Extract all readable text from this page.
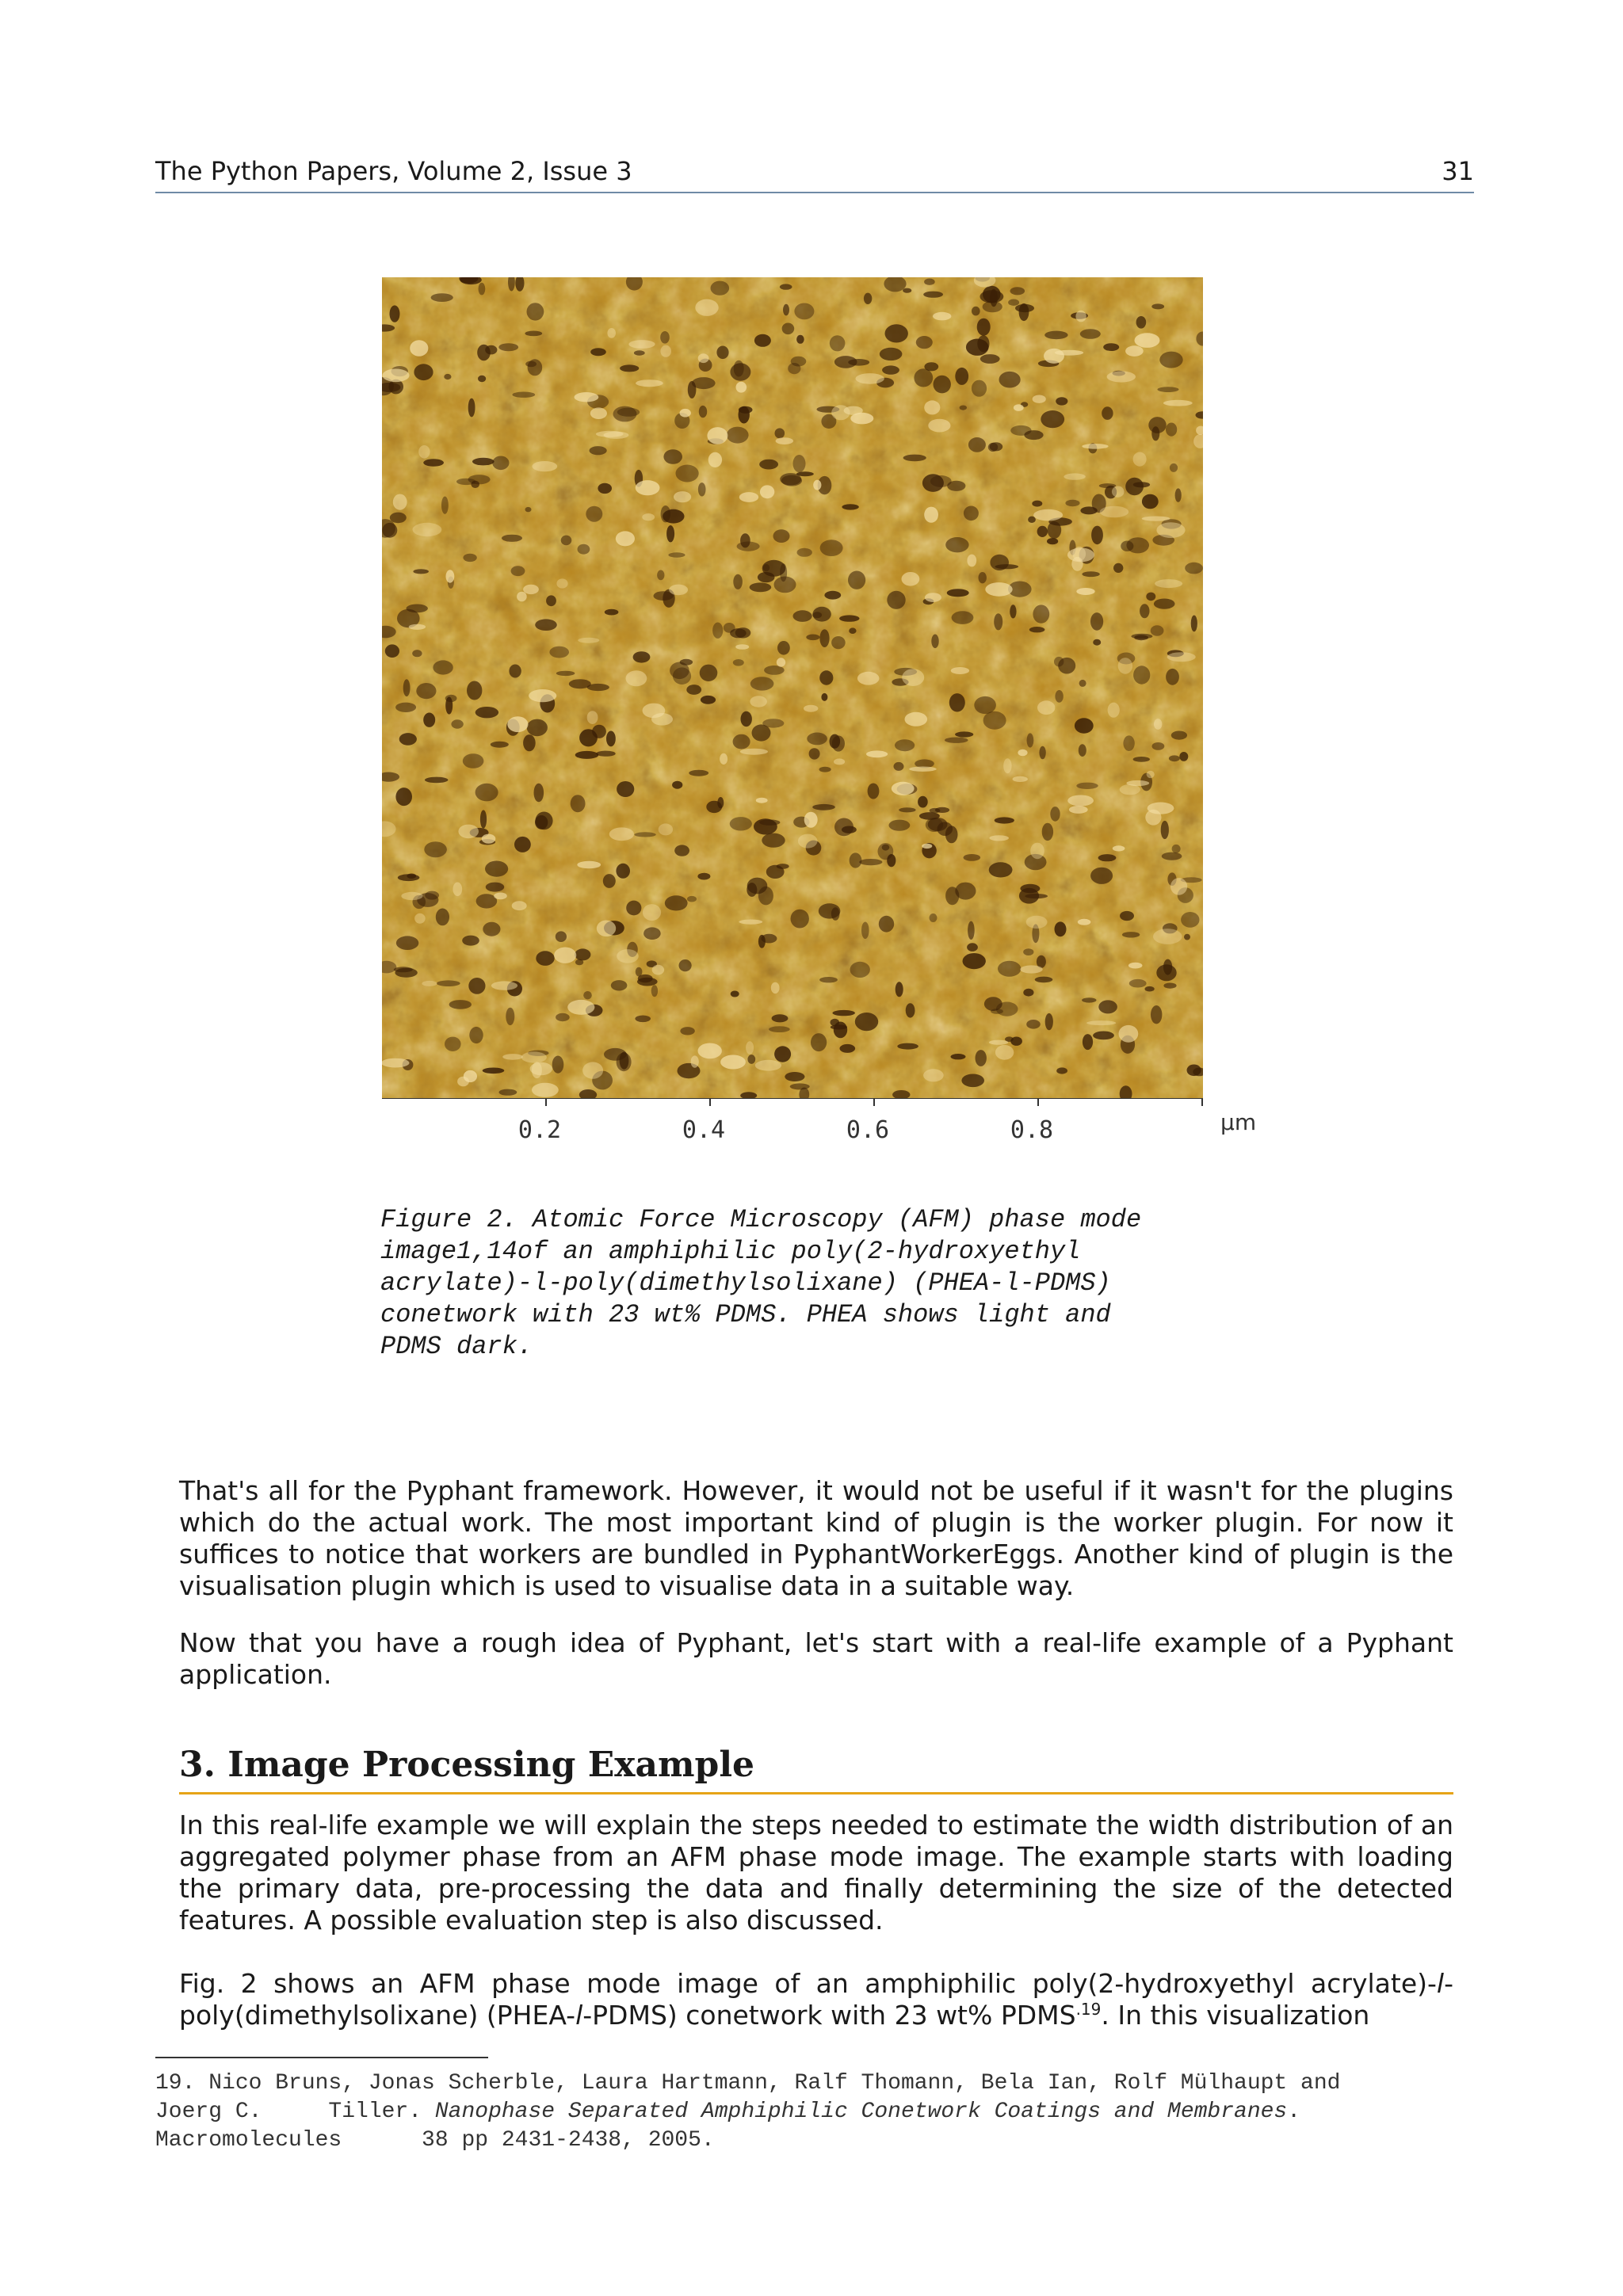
The Python Papers, Volume 2, Issue 3	31
0.2	0.4	0.6	0.8	µm
Figure 2. Atomic Force Microscopy (AFM) phase mode
image1,14of an amphiphilic poly(2-hydroxyethyl
acrylate)-l-poly(dimethylsolixane) (PHEA-l-PDMS)
conetwork with 23 wt% PDMS. PHEA shows light and
PDMS dark.

That's all for the Pyphant framework. However, it would not be useful if it wasn't for the plugins which do the actual work. The most important kind of plugin is the worker plugin. For now it suffices to notice that workers are bundled in PyphantWorkerEggs. Another kind of plugin is the visualisation plugin which is used to visualise data in a suitable way.

Now that you have a rough idea of Pyphant, let's start with a real-life example of a Pyphant application.

3. Image Processing Example

In this real-life example we will explain the steps needed to estimate the width distribution of an aggregated polymer phase from an AFM phase mode image. The example starts with loading the primary data, pre-processing the data and finally determining the size of the detected features. A possible evaluation step is also discussed.

Fig. 2 shows an AFM phase mode image of an amphiphilic poly(2-hydroxyethyl acrylate)-l-poly(dimethylsolixane) (PHEA-l-PDMS) conetwork with 23 wt% $PDMS^{.19}$. In this visualization

19. Nico Bruns, Jonas Scherble, Laura Hartmann, Ralf Thomann, Bela Ian, Rolf Mülhaupt and
Joerg C.     Tiller. Nanophase Separated Amphiphilic Conetwork Coatings and Membranes.
Macromolecules      38 pp 2431-2438, 2005.
